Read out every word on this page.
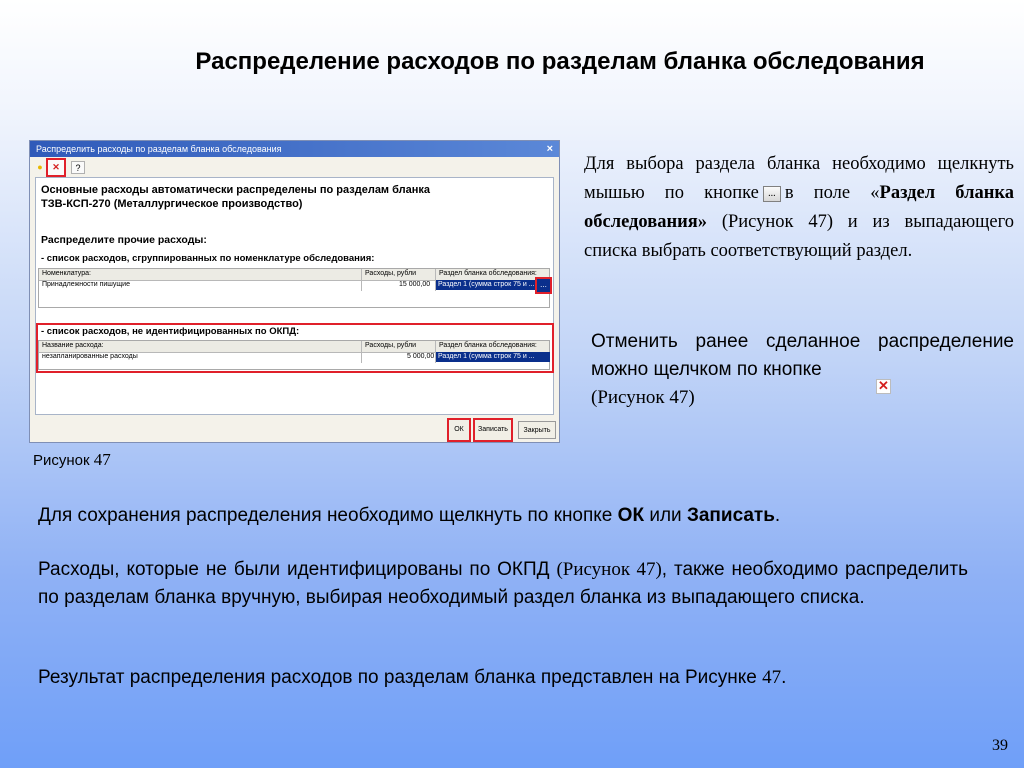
Распределение расходов по разделам бланка обследования
Распределить расходы по разделам бланка обследования	×
●	✕	?
Основные расходы автоматически распределены по разделам бланка
ТЗВ-КСП-270 (Металлургическое производство)
Распределите прочие расходы:
- список расходов, сгруппированных по номенклатуре обследования:
Номенклатура:	Расходы, рубли	Раздел бланка обследования:
Принадлежности пишущие	15 000,00 Раздел 1 (сумма строк 75 и ... ...
- список расходов, не идентифицированных по ОКПД:
Название расхода:	Расходы, рубли	Раздел бланка обследования:
незапланированные расходы	5 000,00 Раздел 1 (сумма строк 75 и ...
ОК	Записать	Закрыть
Рисунок 47
Для выбора раздела бланка необходимо щелкнуть мышью по кнопке ... в поле «Раздел бланка обследования» (Рисунок 47) и из выпадающего списка выбрать соответствующий раздел.
Отменить ранее сделанное распределение можно щелчком по кнопке
(Рисунок 47)
✕
Для сохранения распределения необходимо щелкнуть по кнопке ОК или Записать.
Расходы, которые не были идентифицированы по ОКПД (Рисунок 47), также необходимо распределить по разделам бланка вручную, выбирая необходимый раздел бланка из выпадающего списка.
Результат распределения расходов по разделам бланка представлен на Рисунке 47.
39
